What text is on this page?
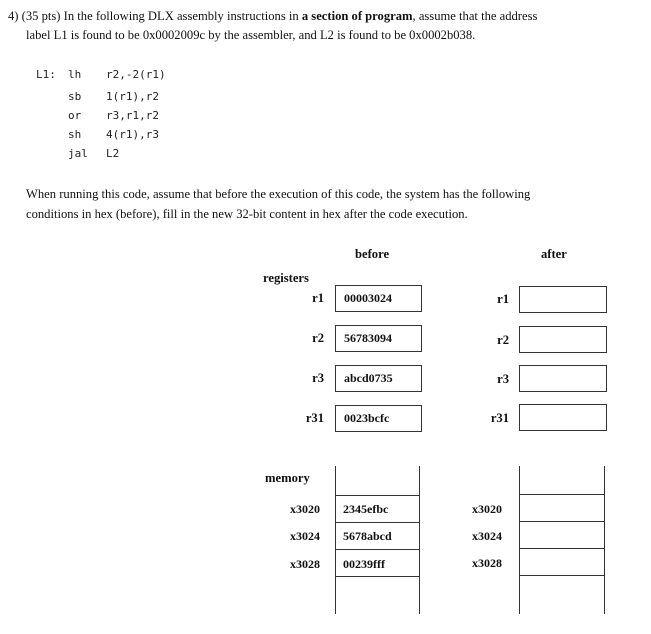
4) (35 pts) In the following DLX assembly instructions in a section of program, assume that the address
label L1 is found to be 0x0002009c by the assembler, and L2 is found to be 0x0002b038.
L1: lh r2,-2(r1)
sb 1(r1),r2
or r3,r1,r2
sh 4(r1),r3
jal L2
When running this code, assume that before the execution of this code, the system has the following
conditions in hex (before), fill in the new 32-bit content in hex after the code execution.
before	after
registers
r1	00003024
r2	56783094
r3	abcd0735
r31	0023bcfc
r1
r2
r3
r31
memory
x3020 2345efbc
x3024 5678abcd
x3028 00239fff
x3020
x3024
x3028
